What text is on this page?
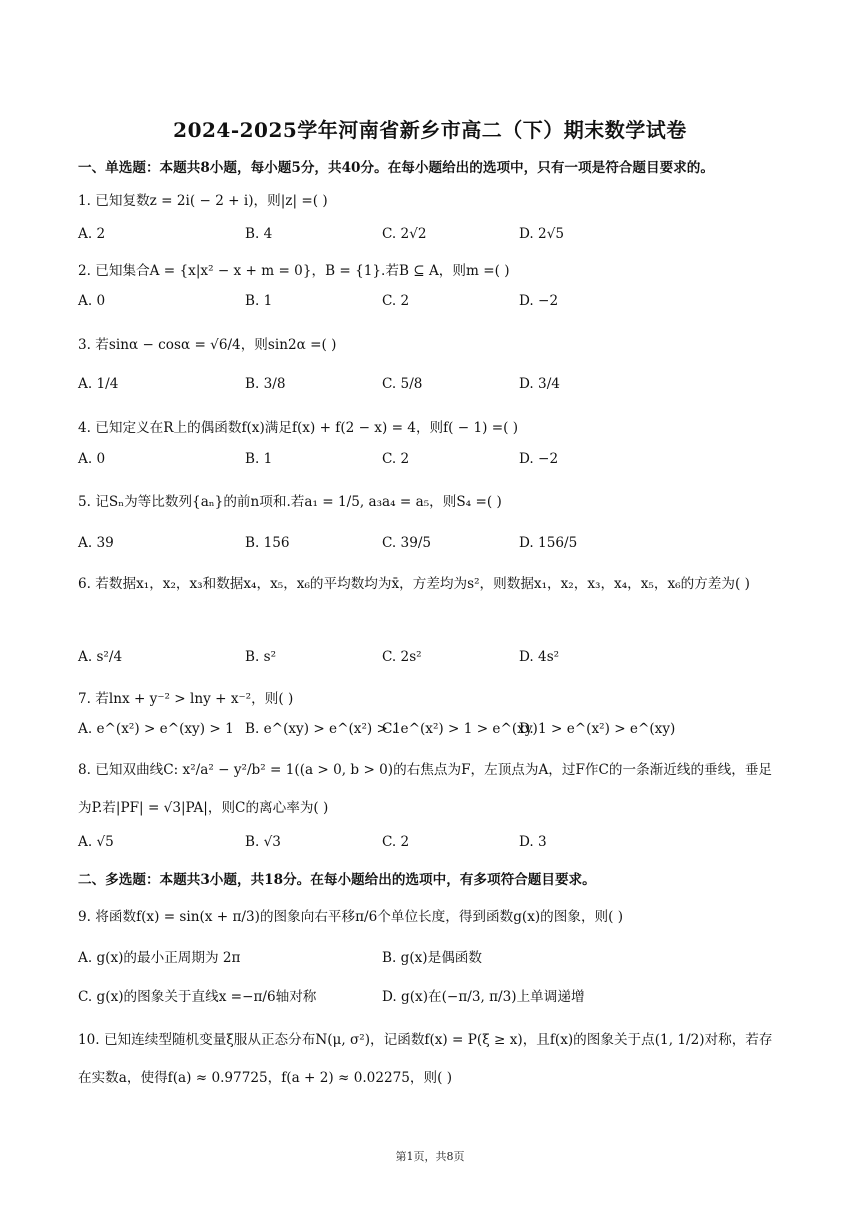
2024-2025学年河南省新乡市高二（下）期末数学试卷
一、单选题：本题共8小题，每小题5分，共40分。在每小题给出的选项中，只有一项是符合题目要求的。
1. 已知复数z = 2i( − 2 + i)，则|z| =( )
A. 2	B. 4	C. 2√2	D. 2√5
2. 已知集合A = {x|x² − x + m = 0}，B = {1}.若B ⊆ A，则m =( )
A. 0	B. 1	C. 2	D. −2
3. 若sinα − cosα = √6/4，则sin2α =( )
A. 1/4	B. 3/8	C. 5/8	D. 3/4
4. 已知定义在R上的偶函数f(x)满足f(x) + f(2 − x) = 4，则f( − 1) =( )
A. 0	B. 1	C. 2	D. −2
5. 记Sₙ为等比数列{aₙ}的前n项和.若a₁ = 1/5, a₃a₄ = a₅，则S₄ =( )
A. 39	B. 156	C. 39/5	D. 156/5
6. 若数据x₁，x₂，x₃和数据x₄，x₅，x₆的平均数均为x̄，方差均为s²，则数据x₁，x₂，x₃，x₄，x₅，x₆的方差为( )
A. s²/4	B. s²	C. 2s²	D. 4s²
7. 若lnx + y⁻² > lny + x⁻²，则( )
A. e^(x²) > e^(xy) > 1 B. e^(xy) > e^(x²) > 1
C. e^(x²) > 1 > e^(xy)
D. 1 > e^(x²) > e^(xy)
8. 已知双曲线C: x²/a² − y²/b² = 1((a > 0, b > 0)的右焦点为F，左顶点为A，过F作C的一条渐近线的垂线，垂足为P.若|PF| = √3|PA|，则C的离心率为( )
A. √5	B. √3	C. 2	D. 3
二、多选题：本题共3小题，共18分。在每小题给出的选项中，有多项符合题目要求。
9. 将函数f(x) = sin(x + π/3)的图象向右平移π/6个单位长度，得到函数g(x)的图象，则( )
A. g(x)的最小正周期为 2π	B. g(x)是偶函数
C. g(x)的图象关于直线x =−π/6轴对称	D. g(x)在(−π/3, π/3)上单调递增
10. 已知连续型随机变量ξ服从正态分布N(μ, σ²)，记函数f(x) = P(ξ ≥ x)，且f(x)的图象关于点(1, 1/2)对称，若存在实数a，使得f(a) ≈ 0.97725，f(a + 2) ≈ 0.02275，则( )
第1页，共8页
